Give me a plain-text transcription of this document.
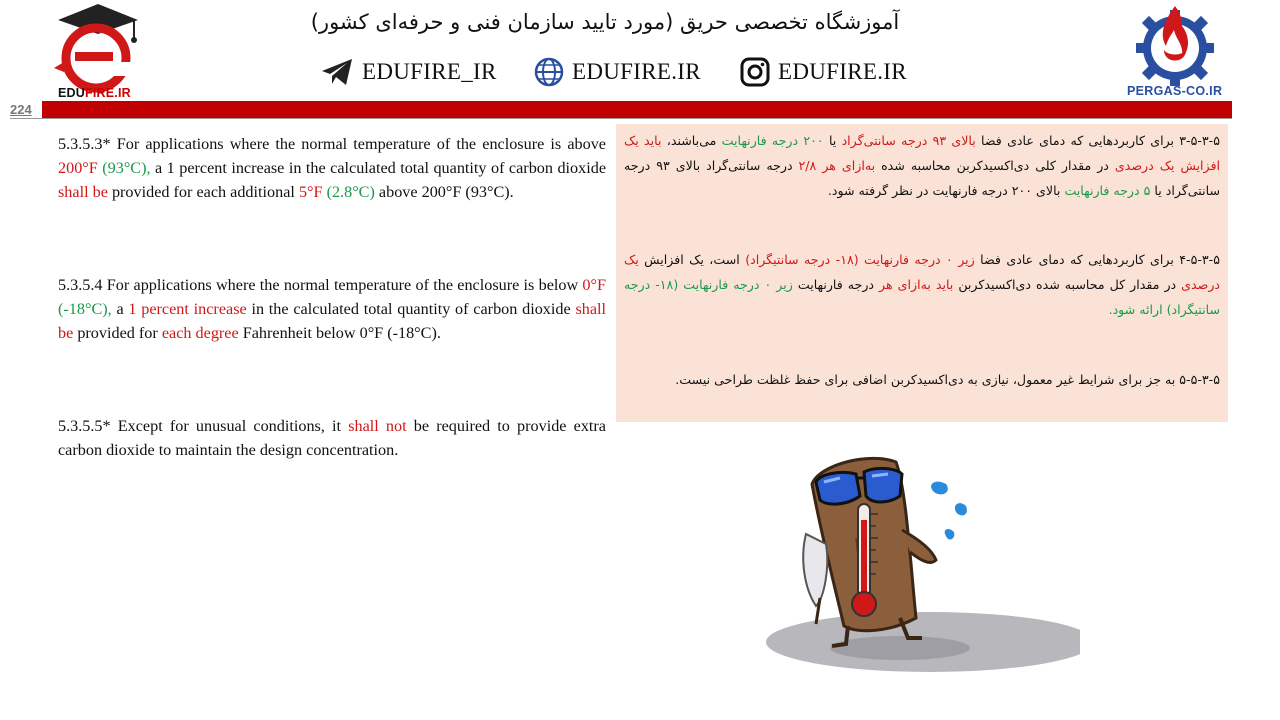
EDUFIRE.IR	PERGAS-CO.IR
آموزشگاه تخصصی حریق (مورد تایید سازمان فنی و حرفه‌ای کشور)
EDUFIRE_IR	EDUFIRE.IR	EDUFIRE.IR
224

5.3.5.3* For applications where the normal temperature of the enclosure is above 200°F (93°C), a 1 percent increase in the calculated total quantity of carbon dioxide shall be provided for each additional 5°F (2.8°C) above 200°F (93°C).

5.3.5.4 For applications where the normal temperature of the enclosure is below 0°F (-18°C), a 1 percent increase in the calculated total quantity of carbon dioxide shall be provided for each degree Fahrenheit below 0°F (-18°C).

5.3.5.5* Except for unusual conditions, it shall not be required to provide extra carbon dioxide to maintain the design concentration.

۳-۵-۳-۵ برای کاربردهایی که دمای عادی فضا بالای ۹۳ درجه سانتی‌گراد یا ۲۰۰ درجه فارنهایت می‌باشند، باید یک افزایش یک درصدی در مقدار کلی دی‌اکسیدکربن محاسبه شده به‌ازای هر ۲/۸ درجه سانتی‌گراد بالای ۹۳ درجه سانتی‌گراد یا ۵ درجه فارنهایت بالای ۲۰۰ درجه فارنهایت در نظر گرفته شود.

۴-۵-۳-۵ برای کاربردهایی که دمای عادی فضا زیر ۰ درجه فارنهایت (۱۸- درجه سانتیگراد) است، یک افزایش یک درصدی در مقدار کل محاسبه شده دی‌اکسیدکربن باید به‌ازای هر درجه فارنهایت زیر ۰ درجه فارنهایت (۱۸- درجه سانتیگراد) ارائه شود.

۵-۵-۳-۵ به جز برای شرایط غیر معمول، نیازی به دی‌اکسیدکربن اضافی برای حفظ غلظت طراحی نیست.
